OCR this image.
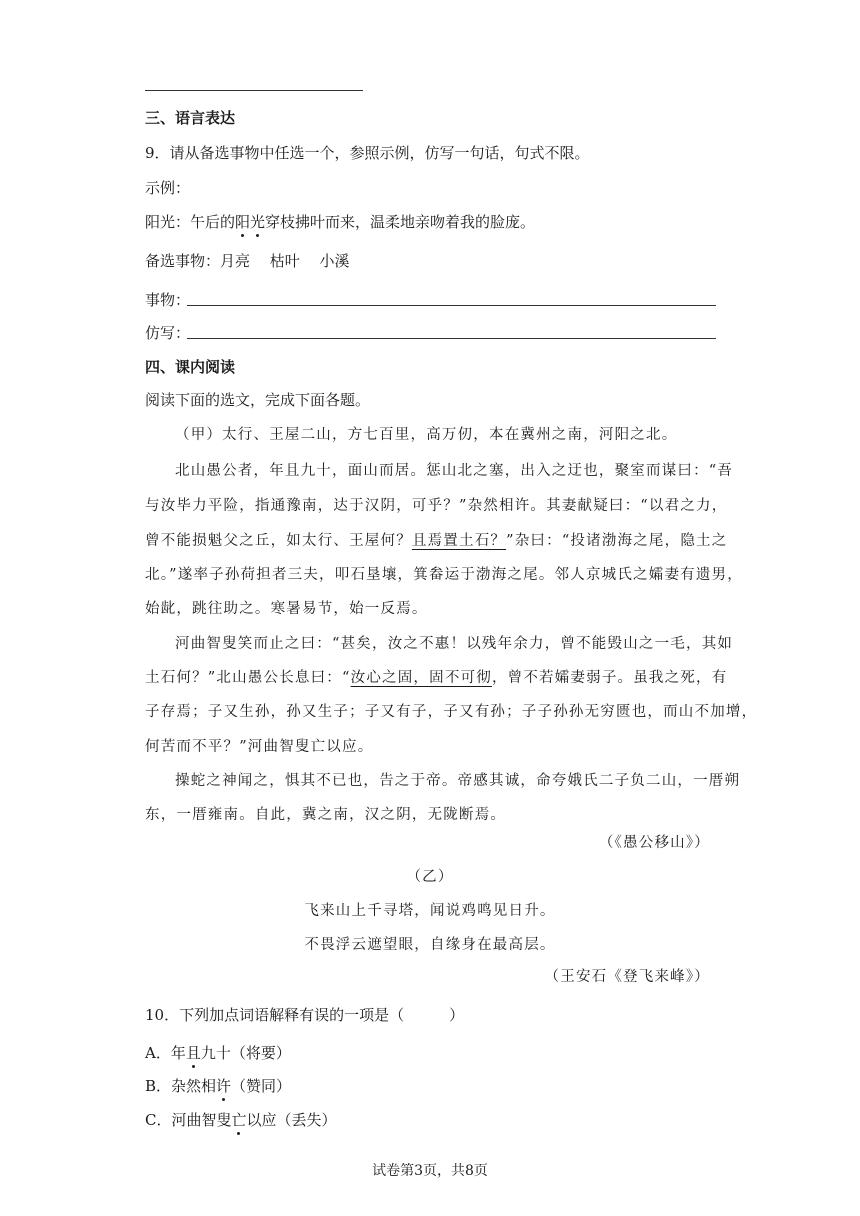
三、语言表达
9．请从备选事物中任选一个，参照示例，仿写一句话，句式不限。
示例：
阳光：午后的阳光穿枝拂叶而来，温柔地亲吻着我的脸庞。
备选事物：月亮　 枯叶　 小溪
事物：
仿写：
四、课内阅读
阅读下面的选文，完成下面各题。
（甲）太行、王屋二山，方七百里，高万仞，本在冀州之南，河阳之北。
北山愚公者，年且九十，面山而居。惩山北之塞，出入之迂也，聚室而谋曰：“吾
与汝毕力平险，指通豫南，达于汉阴，可乎？”杂然相许。其妻献疑曰：“以君之力，
曾不能损魁父之丘，如太行、王屋何？且焉置土石？”杂曰：“投诸渤海之尾，隐土之
北。”遂率子孙荷担者三夫，叩石垦壤，箕畚运于渤海之尾。邻人京城氏之孀妻有遗男，
始龀，跳往助之。寒暑易节，始一反焉。
河曲智叟笑而止之曰：“甚矣，汝之不惠！以残年余力，曾不能毁山之一毛，其如
土石何？”北山愚公长息曰：“汝心之固，固不可彻，曾不若孀妻弱子。虽我之死，有
子存焉；子又生孙，孙又生子；子又有子，子又有孙；子子孙孙无穷匮也，而山不加增，
何苦而不平？”河曲智叟亡以应。
操蛇之神闻之，惧其不已也，告之于帝。帝感其诚，命夸娥氏二子负二山，一厝朔
东，一厝雍南。自此，冀之南，汉之阴，无陇断焉。
（《愚公移山》）
（乙）
飞来山上千寻塔，闻说鸡鸣见日升。
不畏浮云遮望眼，自缘身在最高层。
（王安石《登飞来峰》）
10．下列加点词语解释有误的一项是（　　　）
A．年且九十（将要）
B．杂然相许（赞同）
C．河曲智叟亡以应（丢失）
试卷第3页，共8页
